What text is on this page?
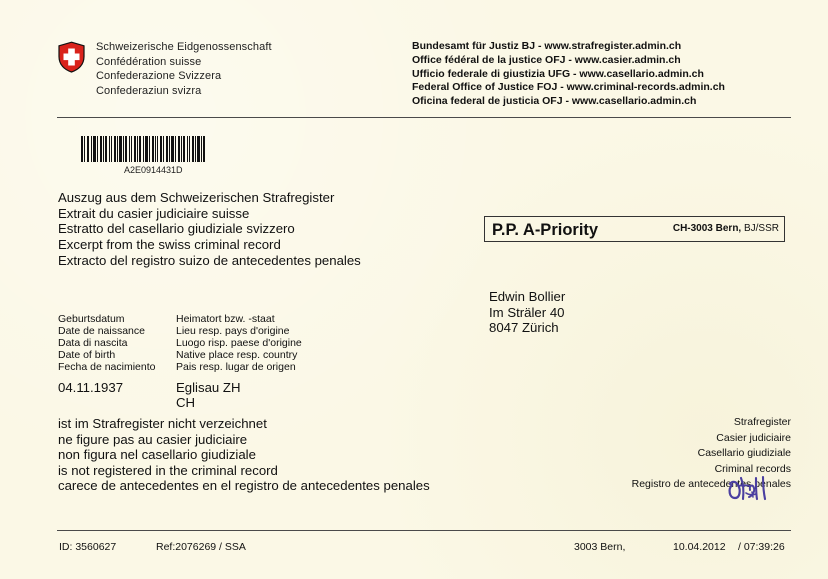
Schweizerische Eidgenossenschaft
Confédération suisse
Confederazione Svizzera
Confederaziun svizra
Bundesamt für Justiz BJ - www.strafregister.admin.ch
Office fédéral de la justice OFJ - www.casier.admin.ch
Ufficio federale di giustizia UFG - www.casellario.admin.ch
Federal Office of Justice FOJ - www.criminal-records.admin.ch
Oficina federal de justicia OFJ - www.casellario.admin.ch
A2E0914431D
Auszug aus dem Schweizerischen Strafregister
Extrait du casier judiciaire suisse
Estratto del casellario giudiziale svizzero
Excerpt from the swiss criminal record
Extracto del registro suizo de antecedentes penales
P.P. A-Priority	CH-3003 Bern, BJ/SSR
Edwin Bollier
Im Sträler 40
8047 Zürich
Geburtsdatum
Date de naissance
Data di nascita
Date of birth
Fecha de nacimiento
Heimatort bzw. -staat
Lieu resp. pays d'origine
Luogo risp. paese d'origine
Native place resp. country
Pais resp. lugar de origen
04.11.1937	Eglisau ZH
CH
ist im Strafregister nicht verzeichnet
ne figure pas au casier judiciaire
non figura nel casellario giudiziale
is not registered in the criminal record
carece de antecedentes en el registro de antecedentes penales
Strafregister
Casier judiciaire
Casellario giudiziale
Criminal records
Registro de antecedentes penales
ID: 3560627	Ref:2076269 / SSA	3003 Bern,	10.04.2012 / 07:39:26
